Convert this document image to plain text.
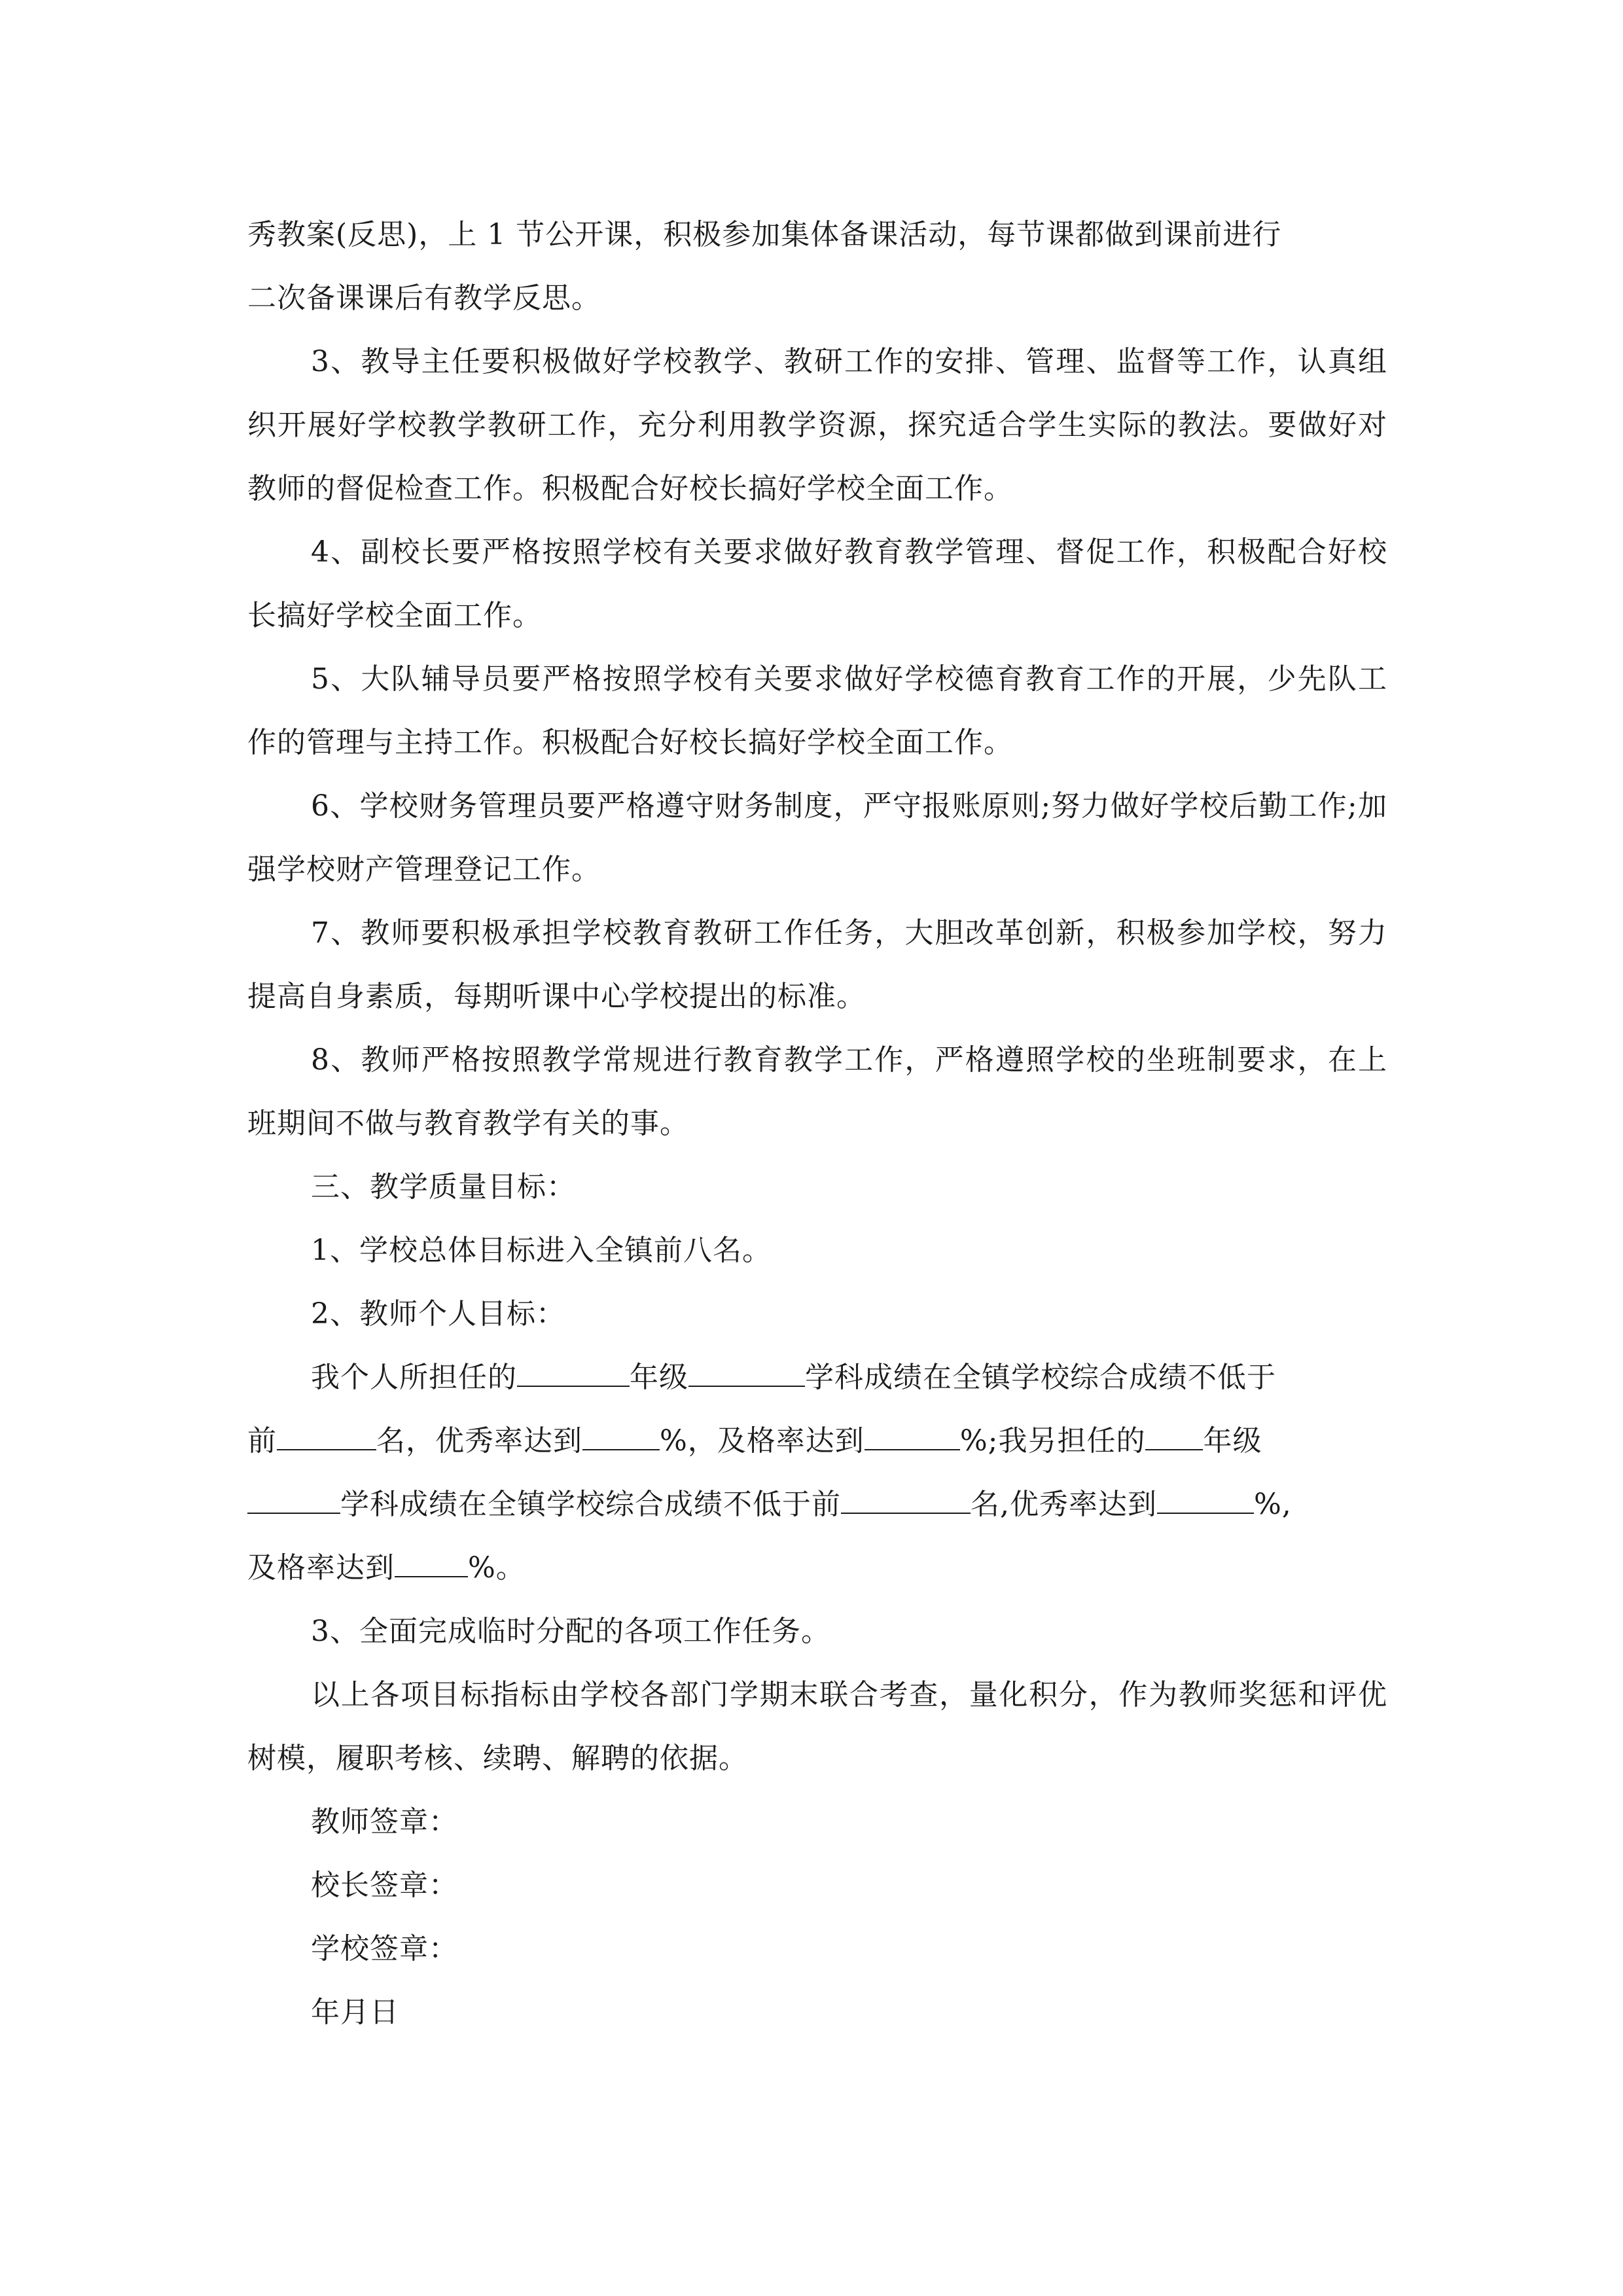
秀教案(反思)，上 1 节公开课，积极参加集体备课活动，每节课都做到课前进行
二次备课课后有教学反思。

3、教导主任要积极做好学校教学、教研工作的安排、管理、监督等工作，认真组织开展好学校教学教研工作，充分利用教学资源，探究适合学生实际的教法。要做好对教师的督促检查工作。积极配合好校长搞好学校全面工作。

4、副校长要严格按照学校有关要求做好教育教学管理、督促工作，积极配合好校长搞好学校全面工作。

5、大队辅导员要严格按照学校有关要求做好学校德育教育工作的开展，少先队工作的管理与主持工作。积极配合好校长搞好学校全面工作。

6、学校财务管理员要严格遵守财务制度，严守报账原则;努力做好学校后勤工作;加强学校财产管理登记工作。

7、教师要积极承担学校教育教研工作任务，大胆改革创新，积极参加学校，努力提高自身素质，每期听课中心学校提出的标准。

8、教师严格按照教学常规进行教育教学工作，严格遵照学校的坐班制要求，在上班期间不做与教育教学有关的事。

三、教学质量目标：

1、学校总体目标进入全镇前八名。

2、教师个人目标：

我个人所担任的	年级	学科成绩在全镇学校综合成绩不低于
前	名，优秀率达到	%，及格率达到	%;我另担任的 年级
学科成绩在全镇学校综合成绩不低于前	名,优秀率达到	%,
及格率达到	%。

3、全面完成临时分配的各项工作任务。

以上各项目标指标由学校各部门学期末联合考查，量化积分，作为教师奖惩和评优树模，履职考核、续聘、解聘的依据。

教师签章：

校长签章：

学校签章：

年月日
